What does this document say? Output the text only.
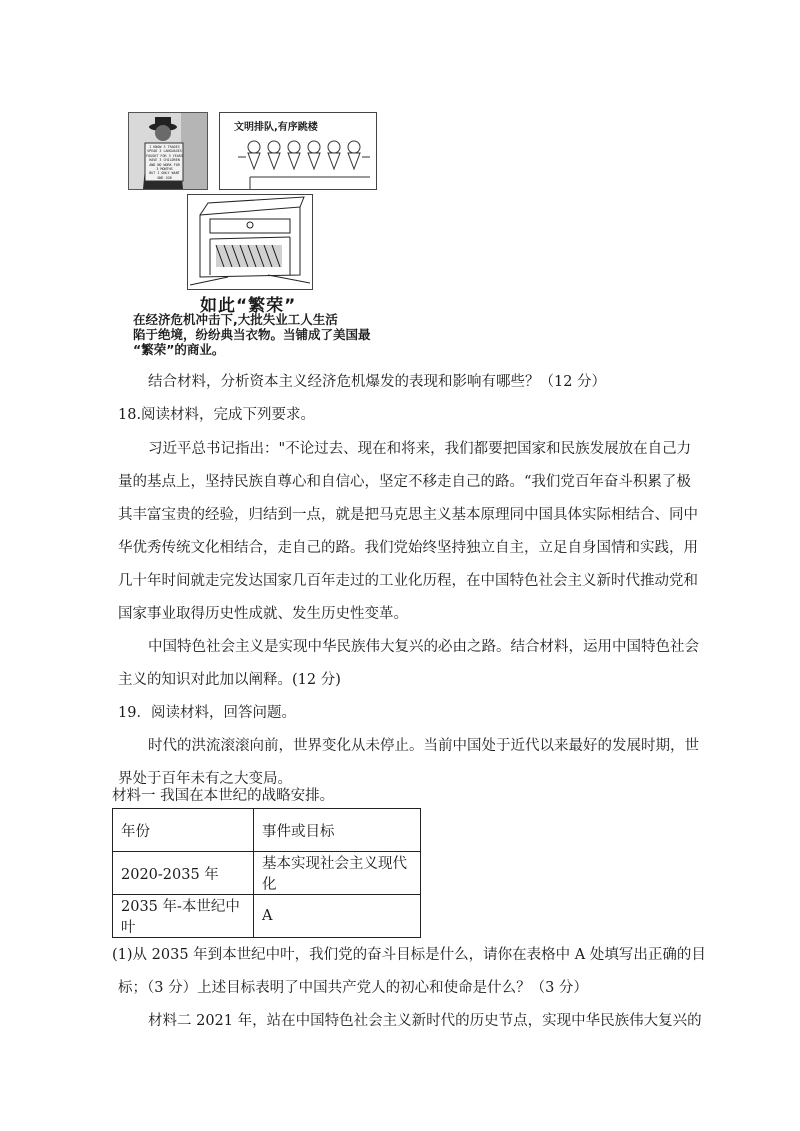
I KNOW 3 TRADES
SPEAK 3 LANGUAGES
FOUGHT FOR 3 YEARS
HAVE 3 CHILDREN
AND NO WORK FOR
3 MONTHS
BUT I ONLY WANT
ONE JOB
文明排队,有序跳楼
如此“繁荣”
在经济危机冲击下,大批失业工人生活
陷于绝境，纷纷典当衣物。当铺成了美国最
“繁荣”的商业。
结合材料，分析资本主义经济危机爆发的表现和影响有哪些？（12 分）
18.阅读材料，完成下列要求。
习近平总书记指出："不论过去、现在和将来，我们都要把国家和民族发展放在自己力
量的基点上，坚持民族自尊心和自信心，坚定不移走自己的路。“我们党百年奋斗积累了极
其丰富宝贵的经验，归结到一点，就是把马克思主义基本原理同中国具体实际相结合、同中
华优秀传统文化相结合，走自己的路。我们党始终坚持独立自主，立足自身国情和实践，用
几十年时间就走完发达国家几百年走过的工业化历程，在中国特色社会主义新时代推动党和
国家事业取得历史性成就、发生历史性变革。
中国特色社会主义是实现中华民族伟大复兴的必由之路。结合材料，运用中国特色社会
主义的知识对此加以阐释。(12 分)
19．阅读材料，回答问题。
时代的洪流滚滚向前，世界变化从未停止。当前中国处于近代以来最好的发展时期，世
界处于百年未有之大变局。
材料一 我国在本世纪的战略安排。
年份	事件或目标
2020-2035 年	基本实现社会主义现代化
2035 年-本世纪中叶	A
(1)从 2035 年到本世纪中叶，我们党的奋斗目标是什么，请你在表格中 A 处填写出正确的目
标；（3 分）上述目标表明了中国共产党人的初心和使命是什么？（3 分）
材料二 2021 年，站在中国特色社会主义新时代的历史节点，实现中华民族伟大复兴的
